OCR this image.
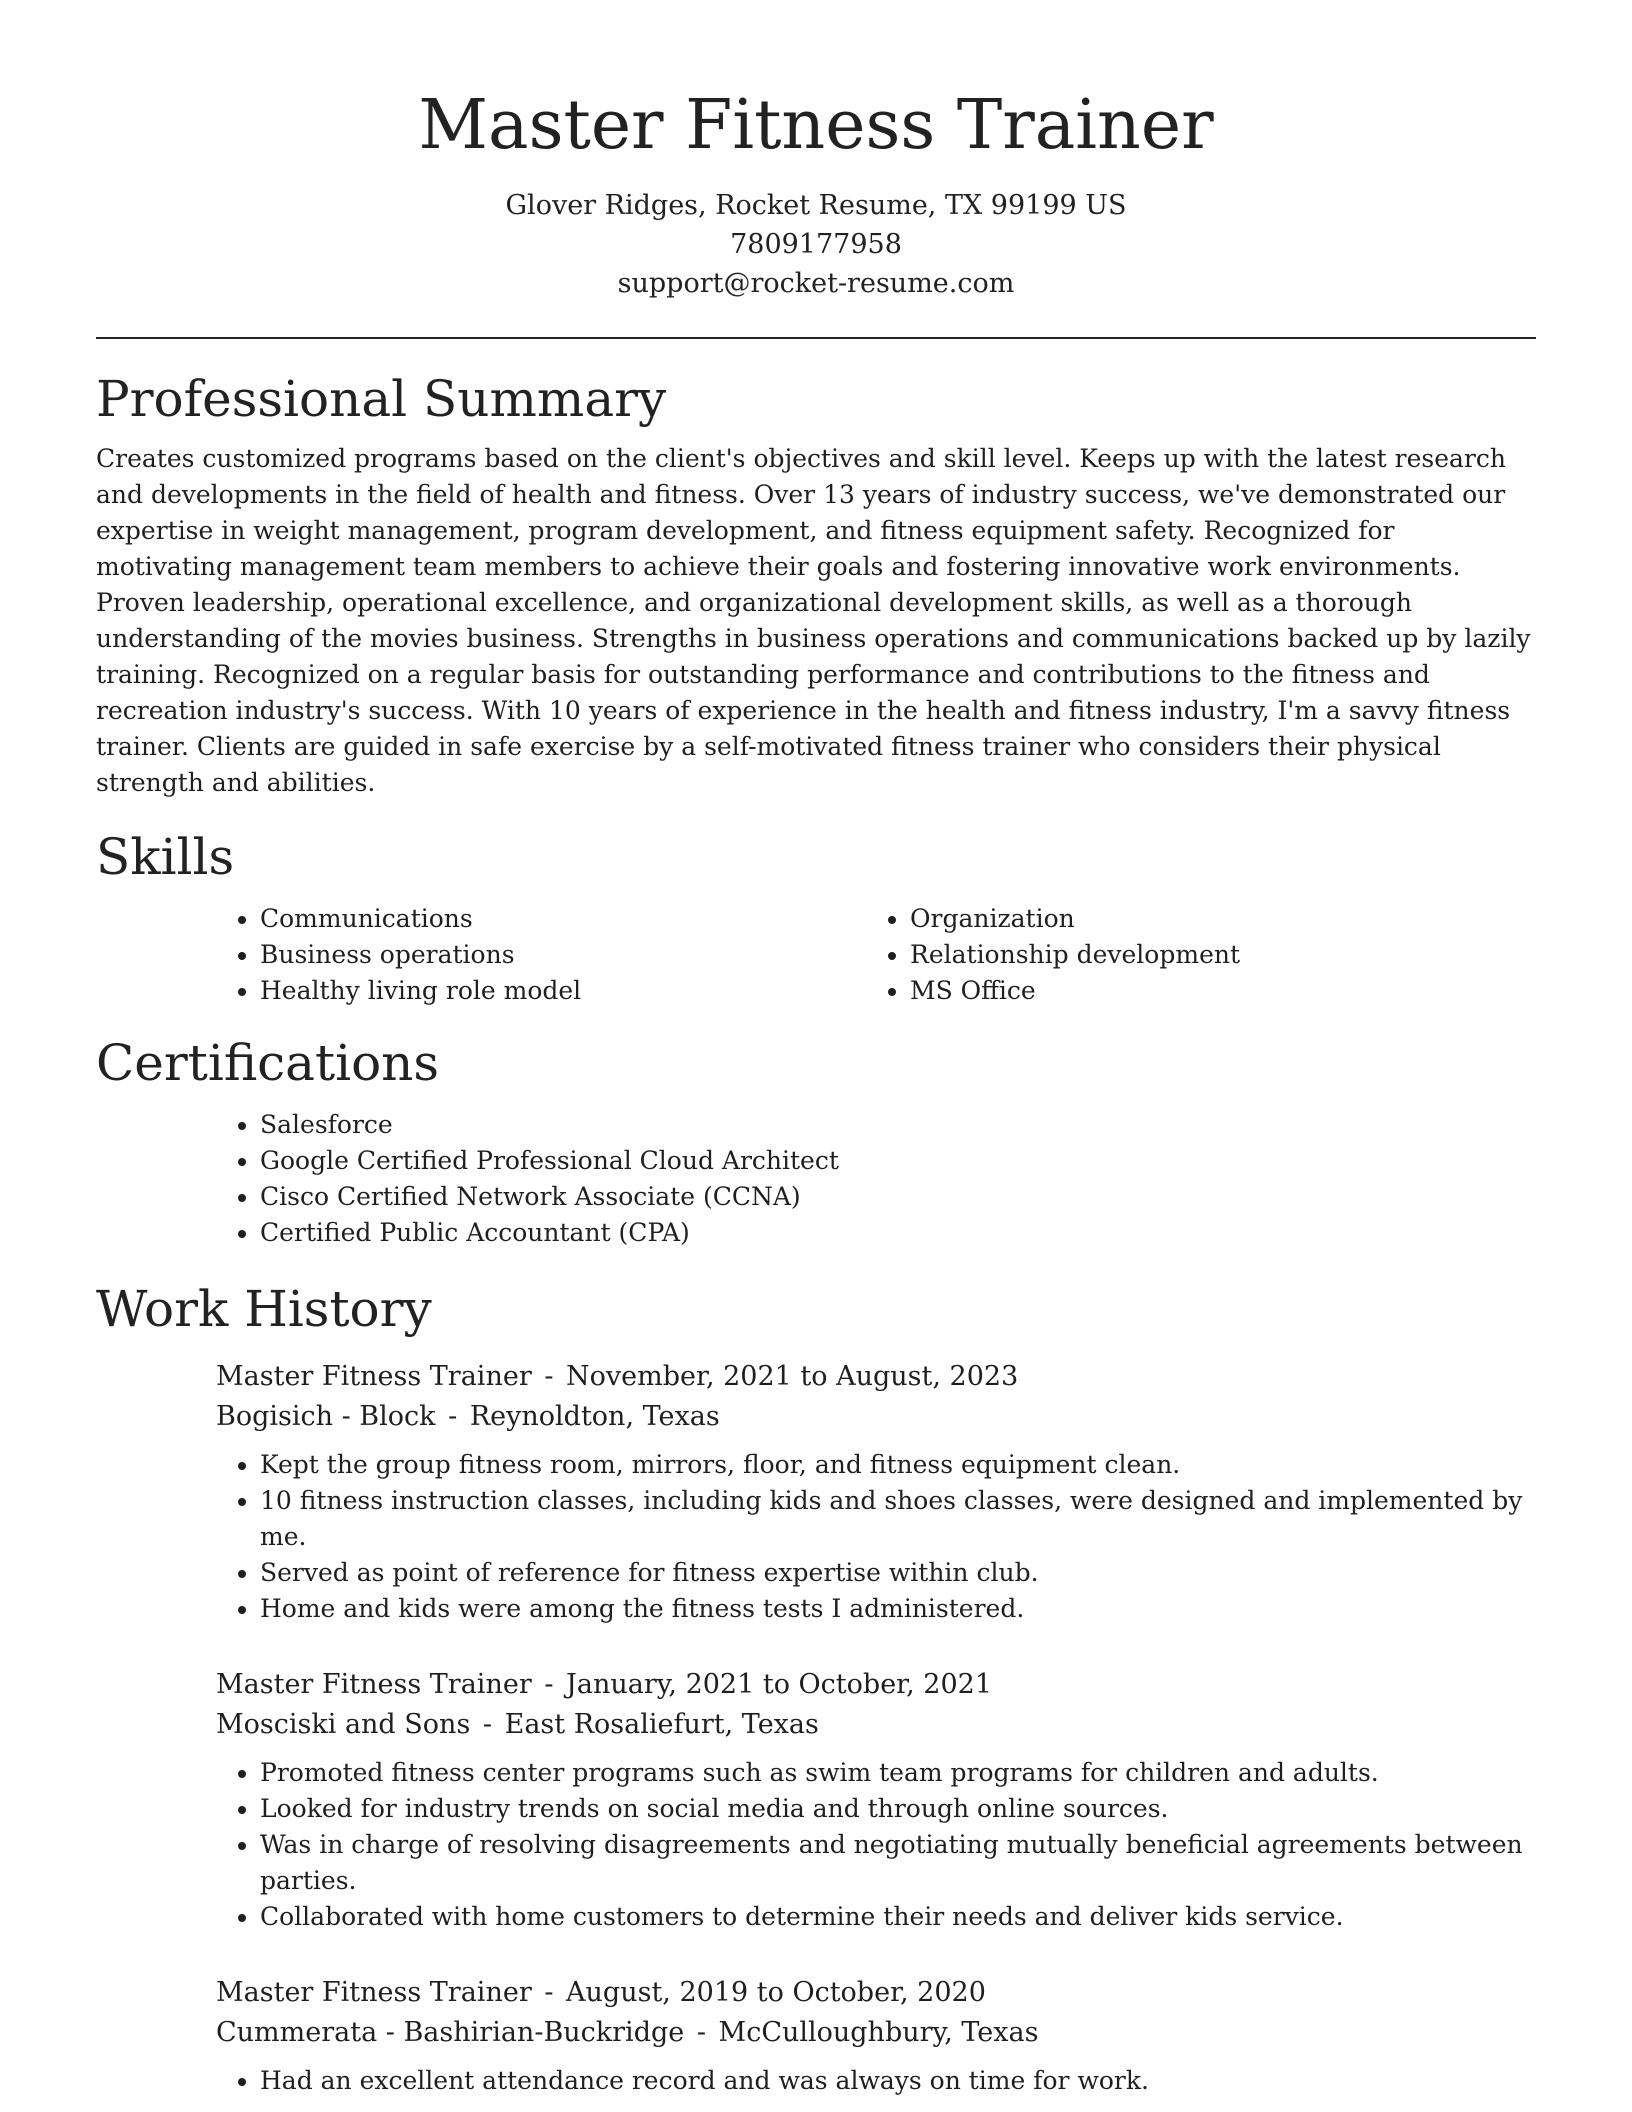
Master Fitness Trainer
Glover Ridges, Rocket Resume, TX 99199 US
7809177958
support@rocket-resume.com
Professional Summary

Creates customized programs based on the client's objectives and skill level. Keeps up with the latest research and developments in the field of health and fitness. Over 13 years of industry success, we've demonstrated our expertise in weight management, program development, and fitness equipment safety. Recognized for motivating management team members to achieve their goals and fostering innovative work environments. Proven leadership, operational excellence, and organizational development skills, as well as a thorough understanding of the movies business. Strengths in business operations and communications backed up by lazily training. Recognized on a regular basis for outstanding performance and contributions to the fitness and recreation industry's success. With 10 years of experience in the health and fitness industry, I'm a savvy fitness trainer. Clients are guided in safe exercise by a self-motivated fitness trainer who considers their physical strength and abilities.

Skills
• Communications
• Business operations
• Healthy living role model
• Organization
• Relationship development
• MS Office
Certifications
• Salesforce
• Google Certified Professional Cloud Architect
• Cisco Certified Network Associate (CCNA)
• Certified Public Accountant (CPA)
Work History
Master Fitness Trainer - November, 2021 to August, 2023
Bogisich - Block - Reynoldton, Texas
• Kept the group fitness room, mirrors, floor, and fitness equipment clean.
• 10 fitness instruction classes, including kids and shoes classes, were designed and implemented by me.
• Served as point of reference for fitness expertise within club.
• Home and kids were among the fitness tests I administered.
Master Fitness Trainer - January, 2021 to October, 2021
Mosciski and Sons - East Rosaliefurt, Texas
• Promoted fitness center programs such as swim team programs for children and adults.
• Looked for industry trends on social media and through online sources.
• Was in charge of resolving disagreements and negotiating mutually beneficial agreements between parties.
• Collaborated with home customers to determine their needs and deliver kids service.
Master Fitness Trainer - August, 2019 to October, 2020
Cummerata - Bashirian-Buckridge - McCulloughbury, Texas
• Had an excellent attendance record and was always on time for work.
